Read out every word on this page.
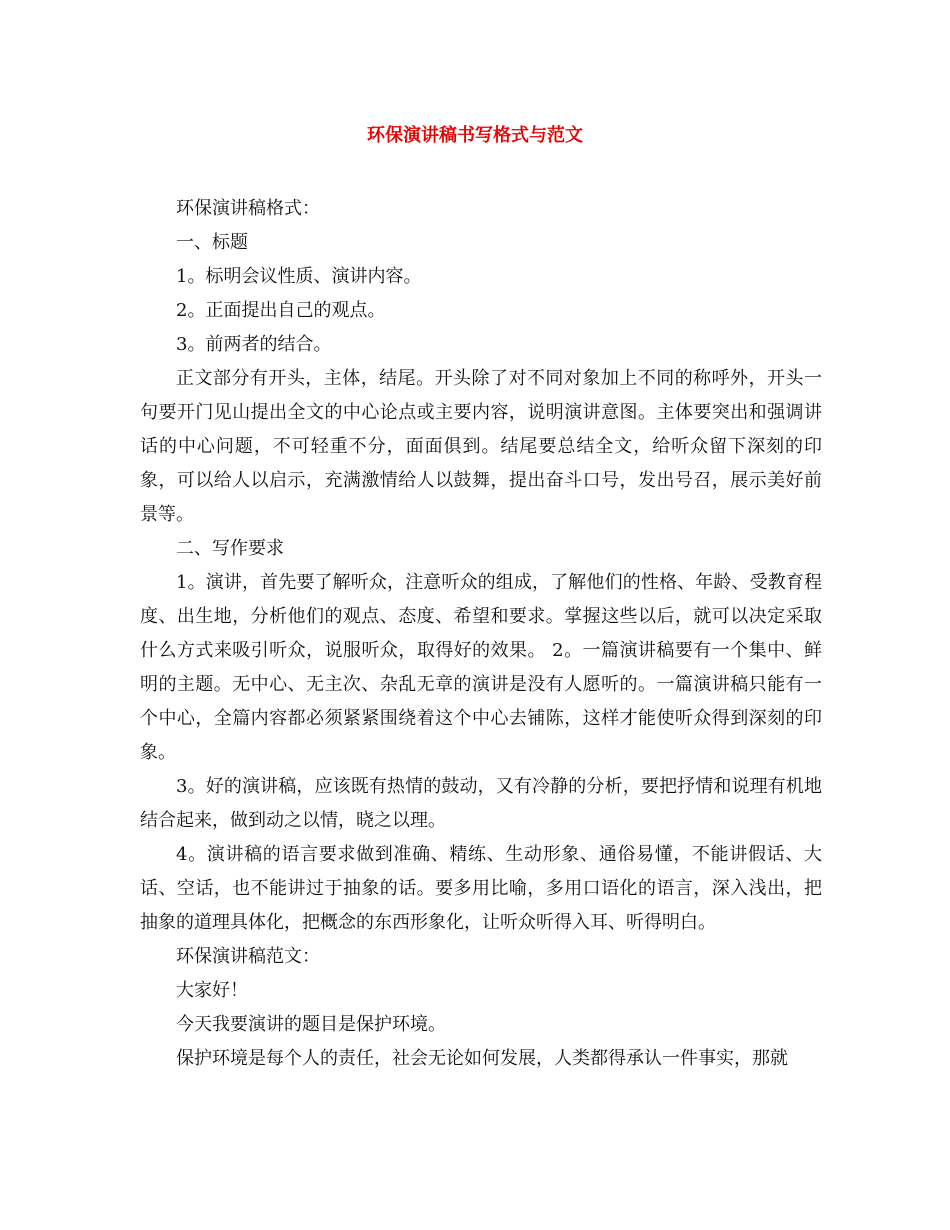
环保演讲稿书写格式与范文

环保演讲稿格式：

一、标题

1。标明会议性质、演讲内容。

2。正面提出自己的观点。

3。前两者的结合。

正文部分有开头，主体，结尾。开头除了对不同对象加上不同的称呼外，开头一句要开门见山提出全文的中心论点或主要内容，说明演讲意图。主体要突出和强调讲话的中心问题，不可轻重不分，面面俱到。结尾要总结全文，给听众留下深刻的印象，可以给人以启示，充满激情给人以鼓舞，提出奋斗口号，发出号召，展示美好前景等。

二、写作要求

1。演讲，首先要了解听众，注意听众的组成，了解他们的性格、年龄、受教育程度、出生地，分析他们的观点、态度、希望和要求。掌握这些以后，就可以决定采取什么方式来吸引听众，说服听众，取得好的效果。 2。一篇演讲稿要有一个集中、鲜明的主题。无中心、无主次、杂乱无章的演讲是没有人愿听的。一篇演讲稿只能有一个中心，全篇内容都必须紧紧围绕着这个中心去铺陈，这样才能使听众得到深刻的印象。

3。好的演讲稿，应该既有热情的鼓动，又有冷静的分析，要把抒情和说理有机地结合起来，做到动之以情，晓之以理。

4。演讲稿的语言要求做到准确、精练、生动形象、通俗易懂，不能讲假话、大话、空话，也不能讲过于抽象的话。要多用比喻，多用口语化的语言，深入浅出，把抽象的道理具体化，把概念的东西形象化，让听众听得入耳、听得明白。

环保演讲稿范文：

大家好！

今天我要演讲的题目是保护环境。

保护环境是每个人的责任，社会无论如何发展，人类都得承认一件事实，那就
